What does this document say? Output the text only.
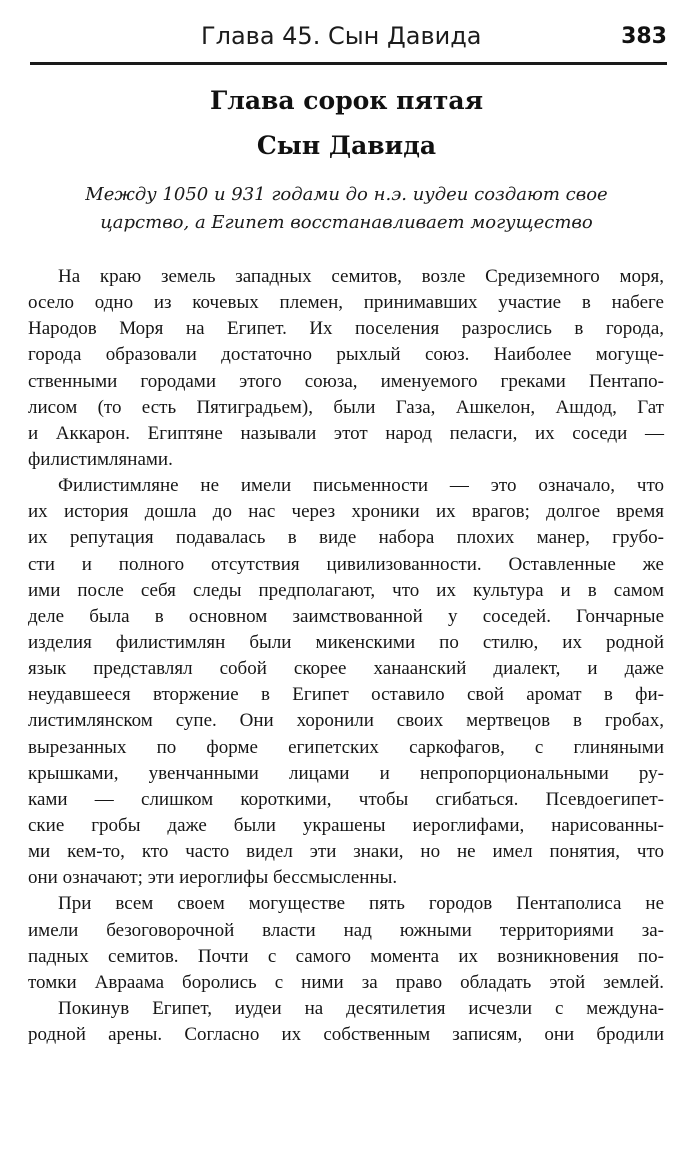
Глава 45. Сын Давида	383
Глава сорок пятая
Сын Давида
Между 1050 и 931 годами до н.э. иудеи создают свое
царство, а Египет восстанавливает могущество
На краю земель западных семитов, возле Средиземного моря,
осело одно из кочевых племен, принимавших участие в набеге
Народов Моря на Египет. Их поселения разрослись в города,
города образовали достаточно рыхлый союз. Наиболее могуще-
ственными городами этого союза, именуемого греками Пентапо-
лисом (то есть Пятиградьем), были Газа, Ашкелон, Ашдод, Гат
и Аккарон. Египтяне называли этот народ пеласги, их соседи —
филистимлянами.
Филистимляне не имели письменности — это означало, что
их история дошла до нас через хроники их врагов; долгое время
их репутация подавалась в виде набора плохих манер, грубо-
сти и полного отсутствия цивилизованности. Оставленные же
ими после себя следы предполагают, что их культура и в самом
деле была в основном заимствованной у соседей. Гончарные
изделия филистимлян были микенскими по стилю, их родной
язык представлял собой скорее ханаанский диалект, и даже
неудавшееся вторжение в Египет оставило свой аромат в фи-
листимлянском супе. Они хоронили своих мертвецов в гробах,
вырезанных по форме египетских саркофагов, с глиняными
крышками, увенчанными лицами и непропорциональными ру-
ками — слишком короткими, чтобы сгибаться. Псевдоегипет-
ские гробы даже были украшены иероглифами, нарисованны-
ми кем-то, кто часто видел эти знаки, но не имел понятия, что
они означают; эти иероглифы бессмысленны.
При всем своем могуществе пять городов Пентаполиса не
имели безоговорочной власти над южными территориями за-
падных семитов. Почти с самого момента их возникновения по-
томки Авраама боролись с ними за право обладать этой землей.
Покинув Египет, иудеи на десятилетия исчезли с междуна-
родной арены. Согласно их собственным записям, они бродили
